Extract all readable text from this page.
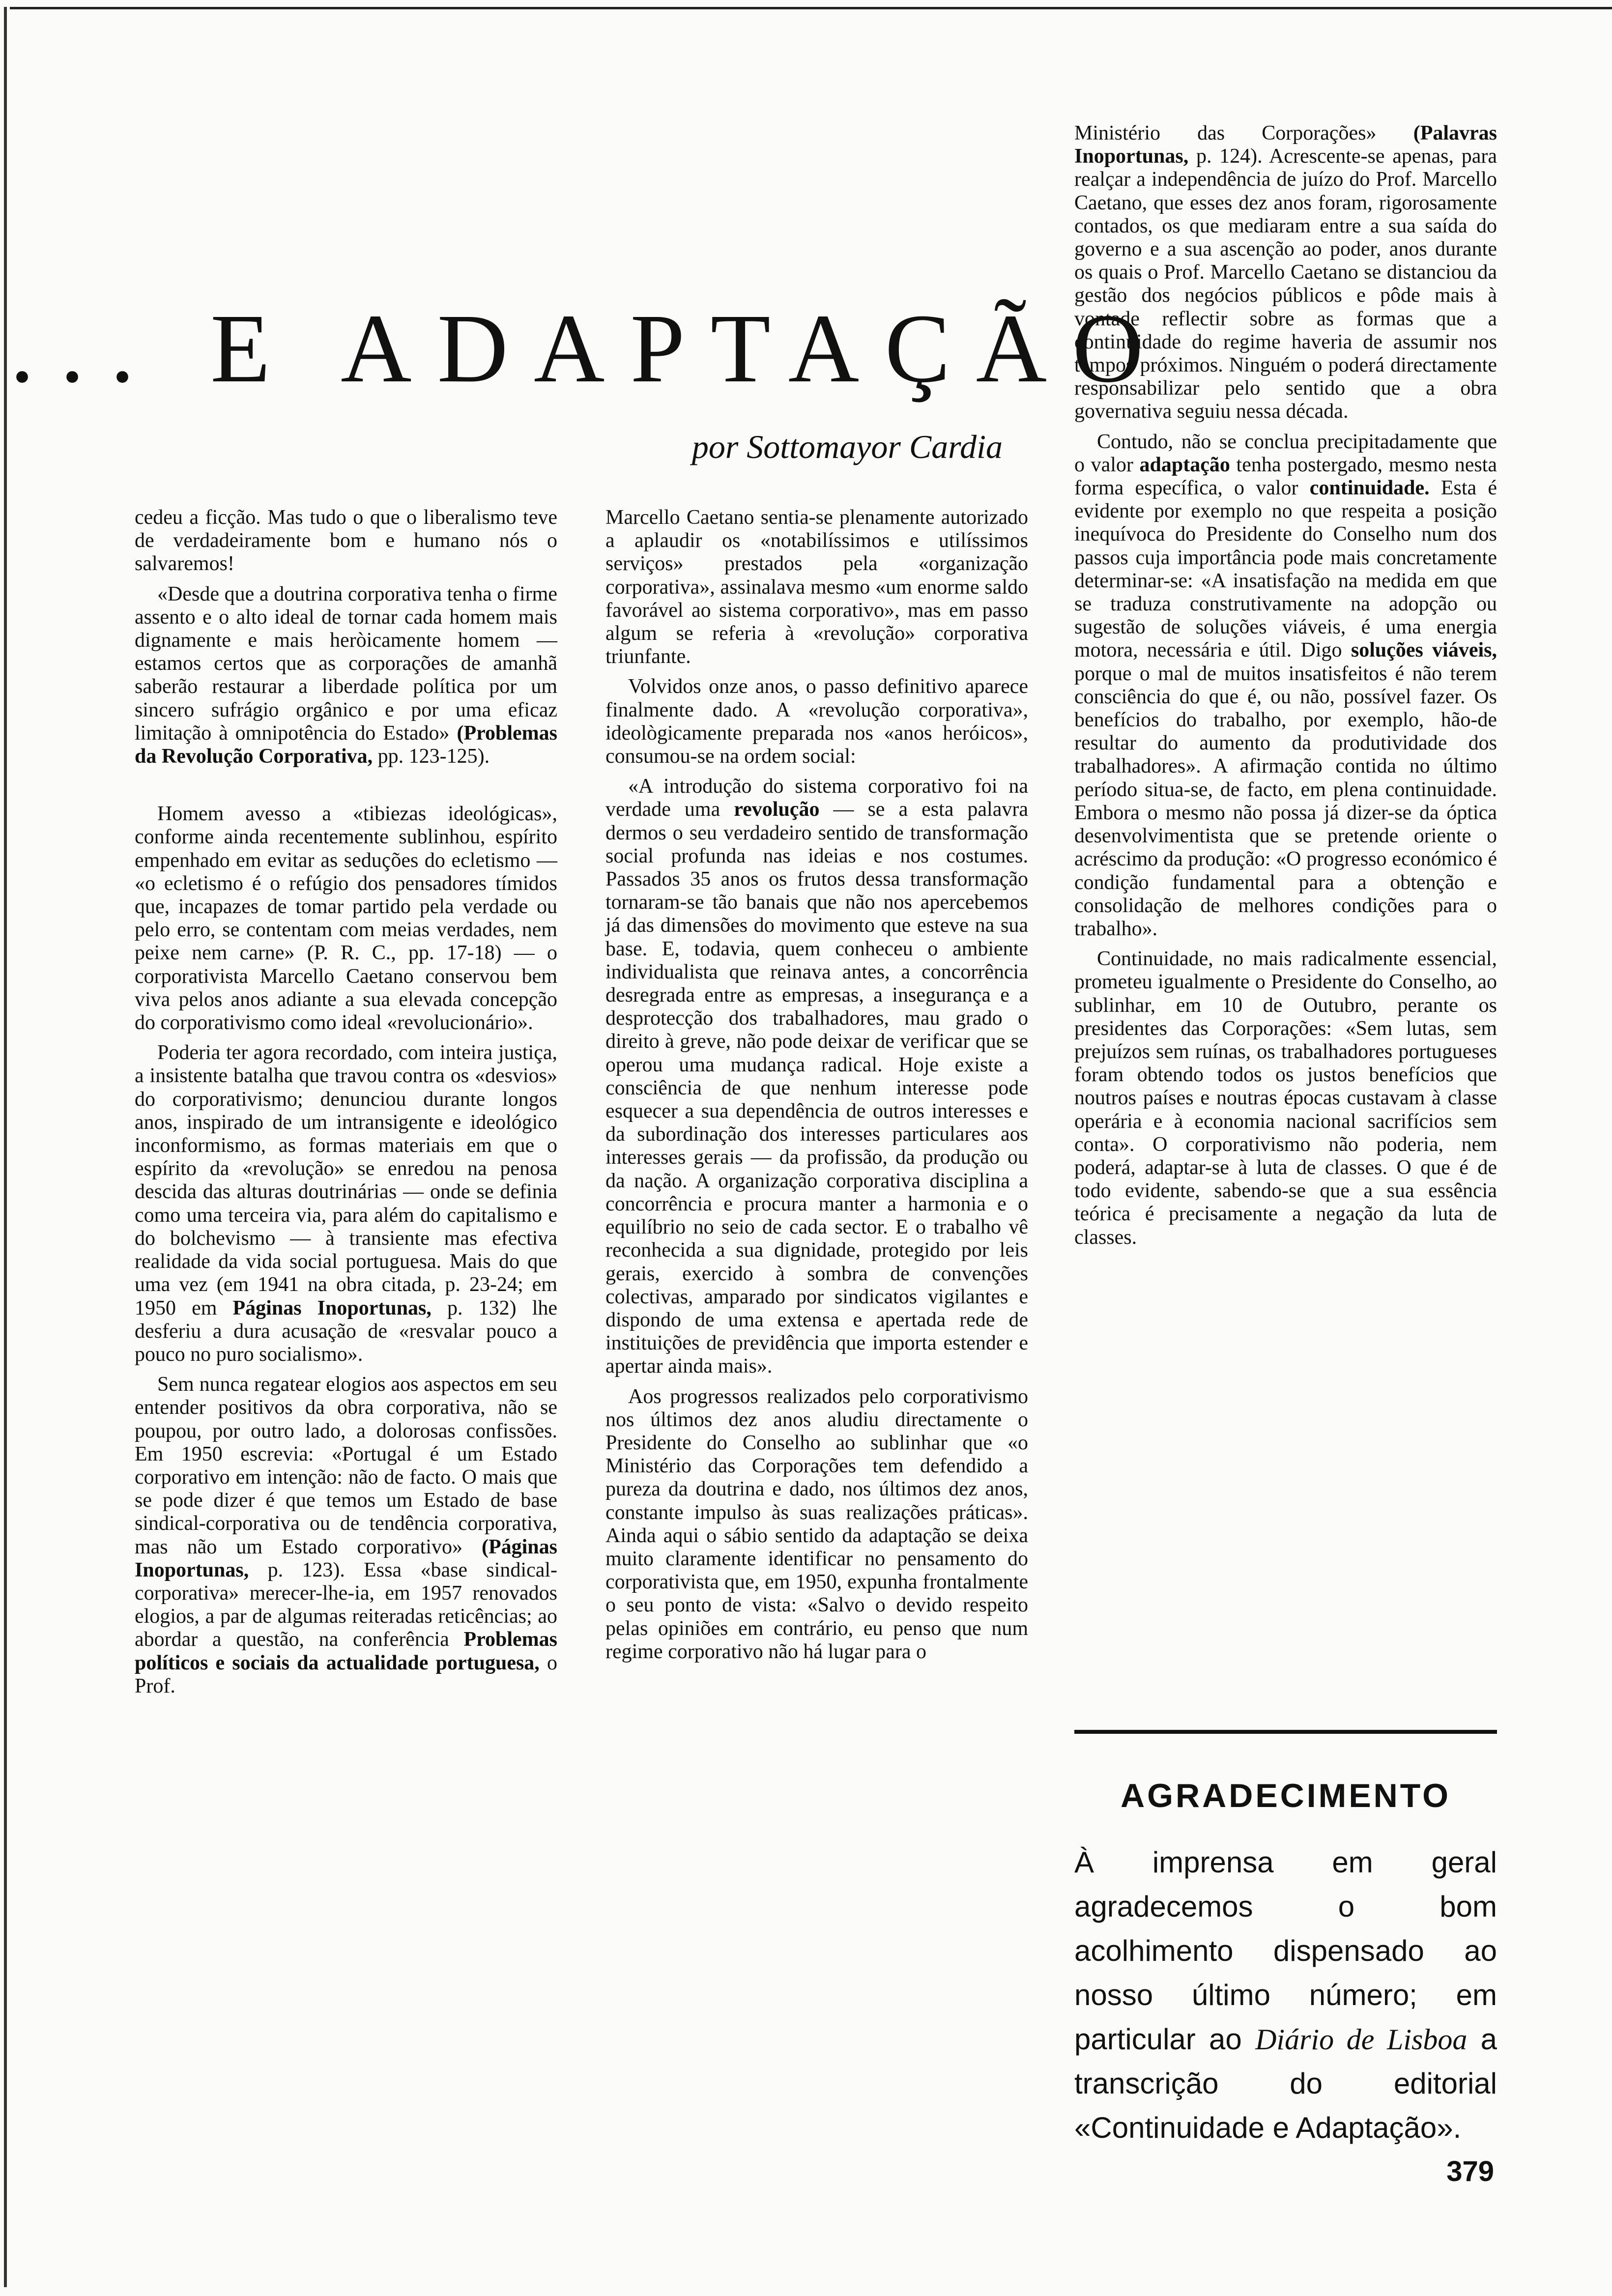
... E ADAPTAÇÃO
por Sottomayor Cardia

cedeu a ficção. Mas tudo o que o liberalismo teve de verdadeiramente bom e humano nós o salvaremos!

«Desde que a doutrina corporativa tenha o firme assento e o alto ideal de tornar cada homem mais dignamente e mais heròicamente homem — estamos certos que as corporações de amanhã saberão restaurar a liberdade política por um sincero sufrágio orgânico e por uma eficaz limitação à omnipotência do Estado» (Problemas da Revolução Corporativa, pp. 123-125).

Homem avesso a «tibiezas ideológicas», conforme ainda recentemente sublinhou, espírito empenhado em evitar as seduções do ecletismo — «o ecletismo é o refúgio dos pensadores tímidos que, incapazes de tomar partido pela verdade ou pelo erro, se contentam com meias verdades, nem peixe nem carne» (P. R. C., pp. 17-18) — o corporativista Marcello Caetano conservou bem viva pelos anos adiante a sua elevada concepção do corporativismo como ideal «revolucionário».

Poderia ter agora recordado, com inteira justiça, a insistente batalha que travou contra os «desvios» do corporativismo; denunciou durante longos anos, inspirado de um intransigente e ideológico inconformismo, as formas materiais em que o espírito da «revolução» se enredou na penosa descida das alturas doutrinárias — onde se definia como uma terceira via, para além do capitalismo e do bolchevismo — à transiente mas efectiva realidade da vida social portuguesa. Mais do que uma vez (em 1941 na obra citada, p. 23-24; em 1950 em Páginas Inoportunas, p. 132) lhe desferiu a dura acusação de «resvalar pouco a pouco no puro socialismo».

Sem nunca regatear elogios aos aspectos em seu entender positivos da obra corporativa, não se poupou, por outro lado, a dolorosas confissões. Em 1950 escrevia: «Portugal é um Estado corporativo em intenção: não de facto. O mais que se pode dizer é que temos um Estado de base sindical-corporativa ou de tendência corporativa, mas não um Estado corporativo» (Páginas Inoportunas, p. 123). Essa «base sindical-corporativa» merecer-lhe-ia, em 1957 renovados elogios, a par de algumas reiteradas reticências; ao abordar a questão, na conferência Problemas políticos e sociais da actualidade portuguesa, o Prof.

Marcello Caetano sentia-se plenamente autorizado a aplaudir os «notabilíssimos e utilíssimos serviços» prestados pela «organização corporativa», assinalava mesmo «um enorme saldo favorável ao sistema corporativo», mas em passo algum se referia à «revolução» corporativa triunfante.

Volvidos onze anos, o passo definitivo aparece finalmente dado. A «revolução corporativa», ideològicamente preparada nos «anos heróicos», consumou-se na ordem social:

«A introdução do sistema corporativo foi na verdade uma revolução — se a esta palavra dermos o seu verdadeiro sentido de transformação social profunda nas ideias e nos costumes. Passados 35 anos os frutos dessa transformação tornaram-se tão banais que não nos apercebemos já das dimensões do movimento que esteve na sua base. E, todavia, quem conheceu o ambiente individualista que reinava antes, a concorrência desregrada entre as empresas, a insegurança e a desprotecção dos trabalhadores, mau grado o direito à greve, não pode deixar de verificar que se operou uma mudança radical. Hoje existe a consciência de que nenhum interesse pode esquecer a sua dependência de outros interesses e da subordinação dos interesses particulares aos interesses gerais — da profissão, da produção ou da nação. A organização corporativa disciplina a concorrência e procura manter a harmonia e o equilíbrio no seio de cada sector. E o trabalho vê reconhecida a sua dignidade, protegido por leis gerais, exercido à sombra de convenções colectivas, amparado por sindicatos vigilantes e dispondo de uma extensa e apertada rede de instituições de previdência que importa estender e apertar ainda mais».

Aos progressos realizados pelo corporativismo nos últimos dez anos aludiu directamente o Presidente do Conselho ao sublinhar que «o Ministério das Corporações tem defendido a pureza da doutrina e dado, nos últimos dez anos, constante impulso às suas realizações práticas». Ainda aqui o sábio sentido da adaptação se deixa muito claramente identificar no pensamento do corporativista que, em 1950, expunha frontalmente o seu ponto de vista: «Salvo o devido respeito pelas opiniões em contrário, eu penso que num regime corporativo não há lugar para o

Ministério das Corporações» (Palavras Inoportunas, p. 124). Acrescente-se apenas, para realçar a independência de juízo do Prof. Marcello Caetano, que esses dez anos foram, rigorosamente contados, os que mediaram entre a sua saída do governo e a sua ascenção ao poder, anos durante os quais o Prof. Marcello Caetano se distanciou da gestão dos negócios públicos e pôde mais à vontade reflectir sobre as formas que a continuidade do regime haveria de assumir nos tempos próximos. Ninguém o poderá directamente responsabilizar pelo sentido que a obra governativa seguiu nessa década.

Contudo, não se conclua precipitadamente que o valor adaptação tenha postergado, mesmo nesta forma específica, o valor continuidade. Esta é evidente por exemplo no que respeita a posição inequívoca do Presidente do Conselho num dos passos cuja importância pode mais concretamente determinar-se: «A insatisfação na medida em que se traduza construtivamente na adopção ou sugestão de soluções viáveis, é uma energia motora, necessária e útil. Digo soluções viáveis, porque o mal de muitos insatisfeitos é não terem consciência do que é, ou não, possível fazer. Os benefícios do trabalho, por exemplo, hão-de resultar do aumento da produtividade dos trabalhadores». A afirmação contida no último período situa-se, de facto, em plena continuidade. Embora o mesmo não possa já dizer-se da óptica desenvolvimentista que se pretende oriente o acréscimo da produção: «O progresso económico é condição fundamental para a obtenção e consolidação de melhores condições para o trabalho».

Continuidade, no mais radicalmente essencial, prometeu igualmente o Presidente do Conselho, ao sublinhar, em 10 de Outubro, perante os presidentes das Corporações: «Sem lutas, sem prejuízos sem ruínas, os trabalhadores portugueses foram obtendo todos os justos benefícios que noutros países e noutras épocas custavam à classe operária e à economia nacional sacrifícios sem conta». O corporativismo não poderia, nem poderá, adaptar-se à luta de classes. O que é de todo evidente, sabendo-se que a sua essência teórica é precisamente a negação da luta de classes.

AGRADECIMENTO
À imprensa em geral agradecemos o bom acolhimento dispensado ao nosso último número; em particular ao Diário de Lisboa a transcrição do editorial «Continuidade e Adaptação».
379
